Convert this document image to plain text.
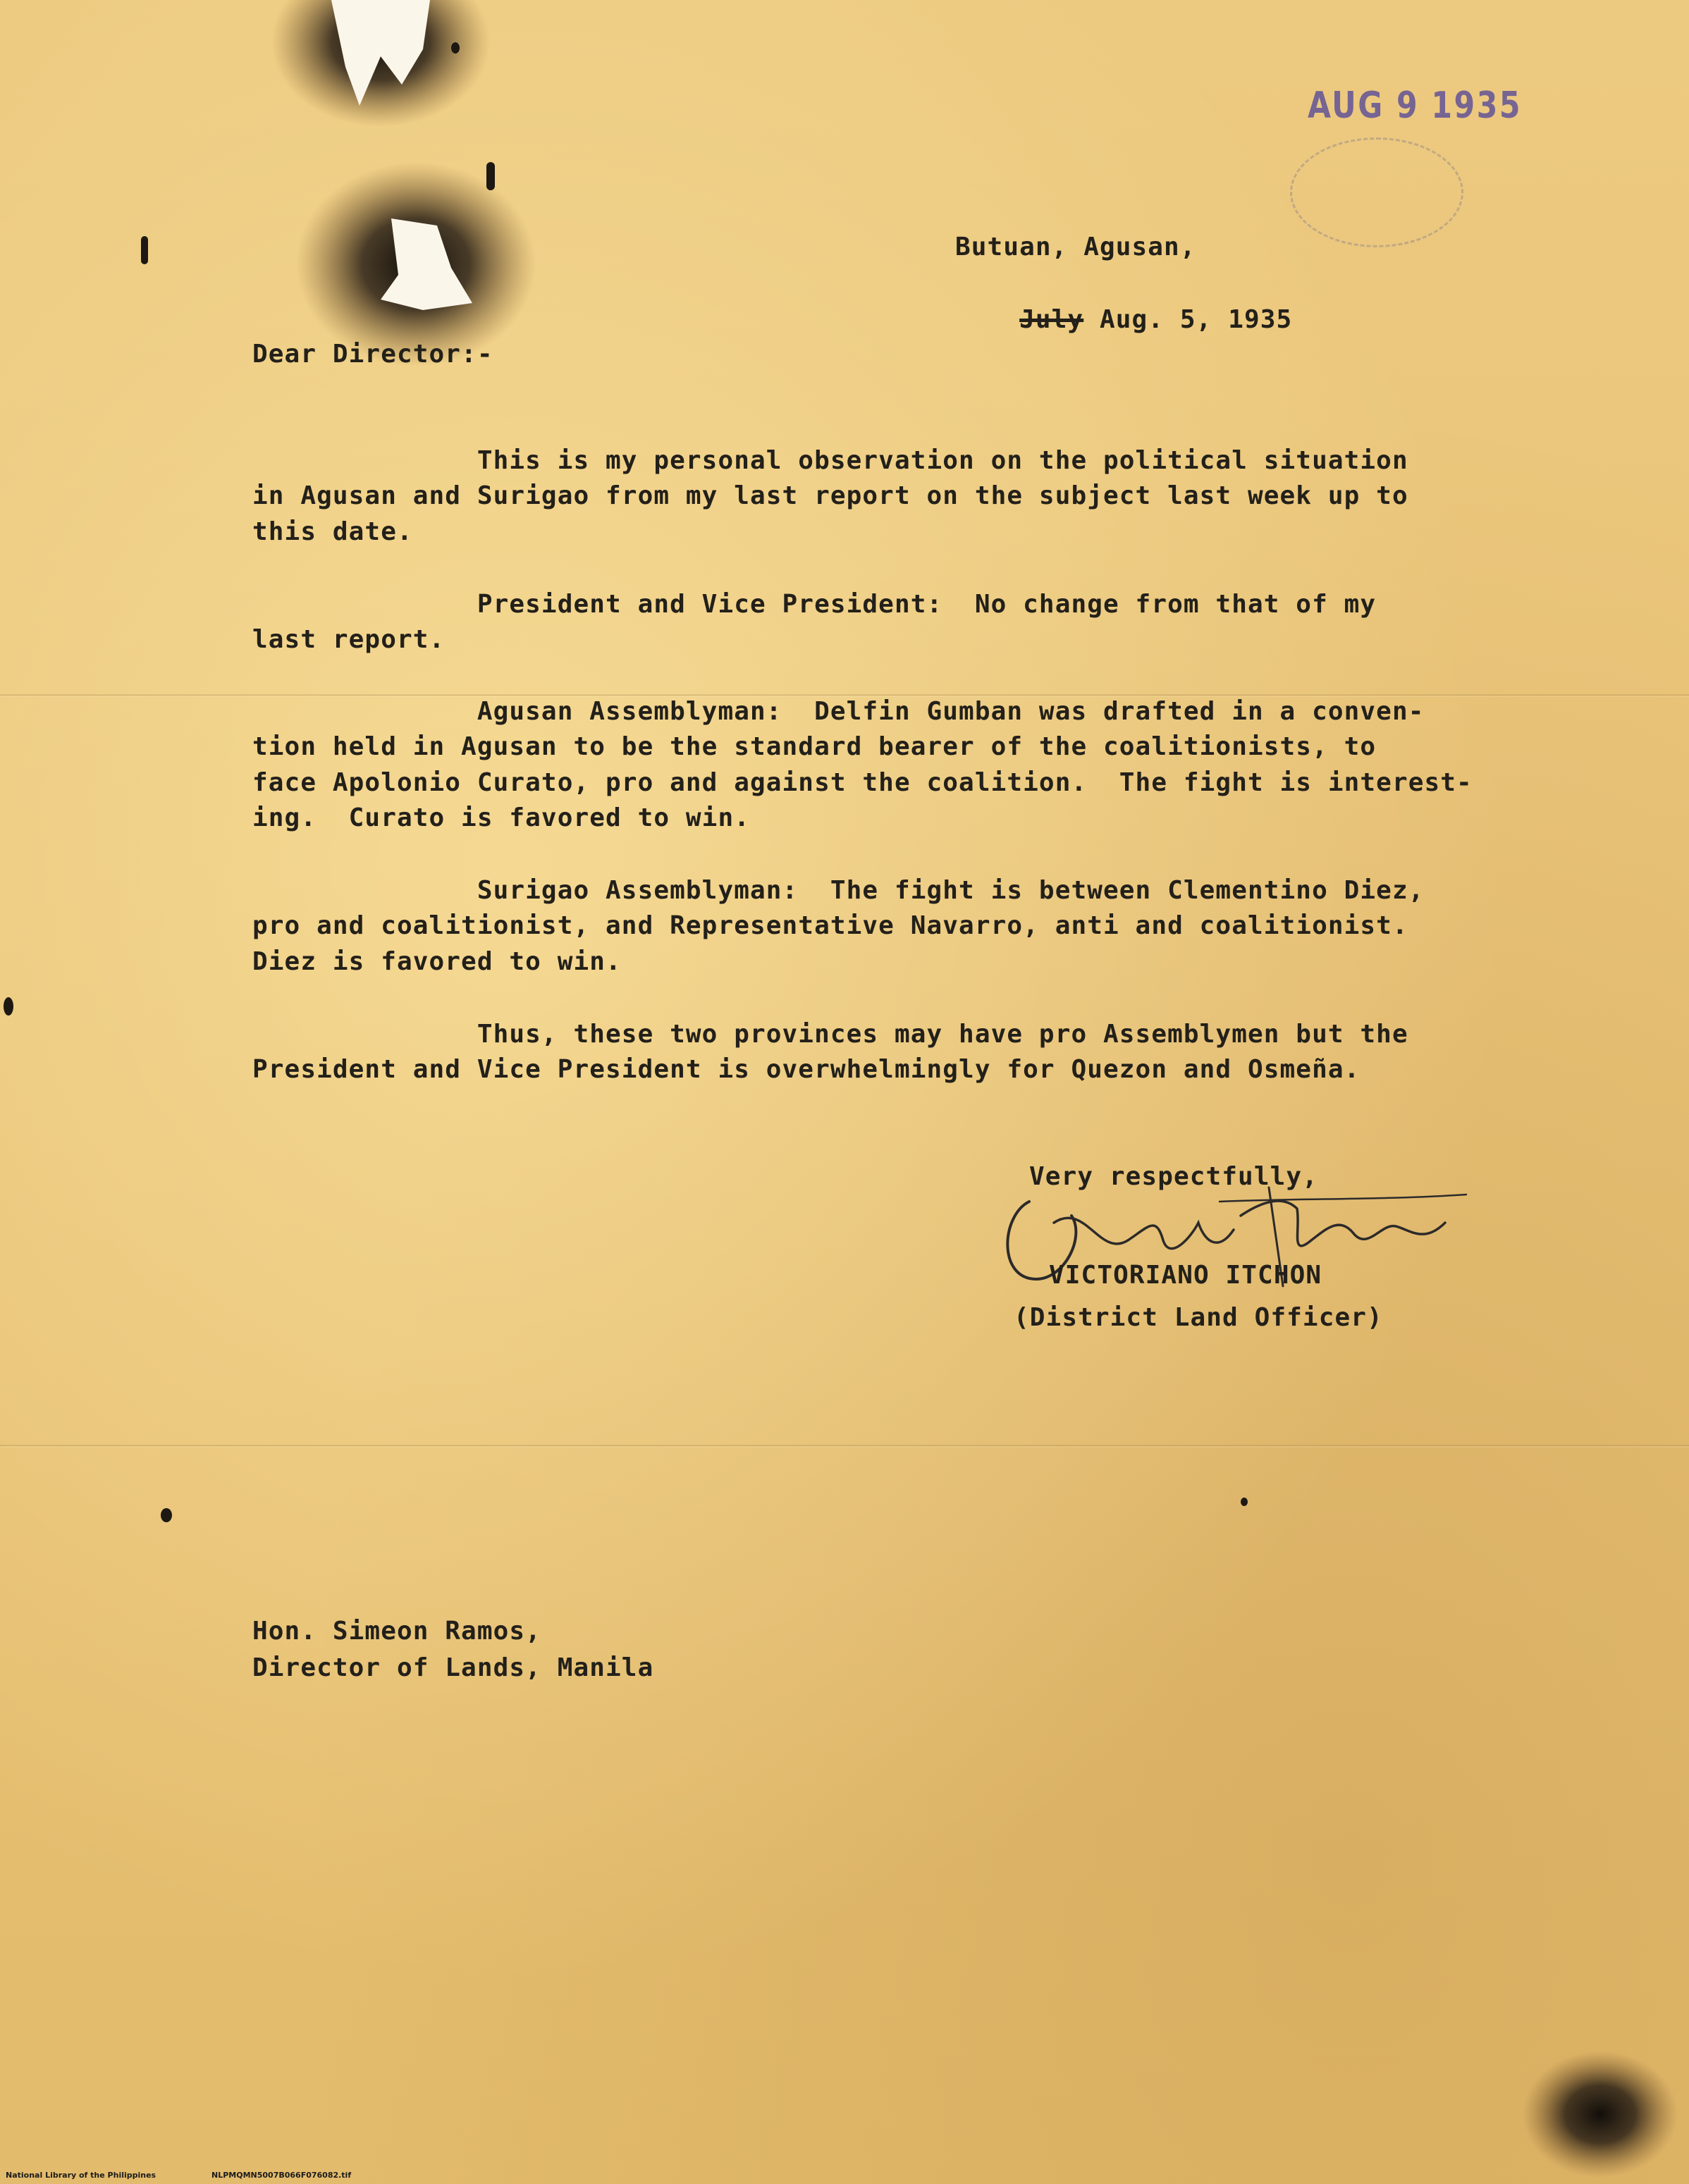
AUG 9 1935
Butuan, Agusan,

July Aug. 5, 1935

Dear Director:-

This is my personal observation on the political situation
in Agusan and Surigao from my last report on the subject last week up to
this date.

President and Vice President:  No change from that of my
last report.

Agusan Assemblyman:  Delfin Gumban was drafted in a conven-
tion held in Agusan to be the standard bearer of the coalitionists, to
face Apolonio Curato, pro and against the coalition.  The fight is interest-
ing.  Curato is favored to win.

Surigao Assemblyman:  The fight is between Clementino Diez,
pro and coalitionist, and Representative Navarro, anti and coalitionist.
Diez is favored to win.

Thus, these two provinces may have pro Assemblymen but the
President and Vice President is overwhelmingly for Quezon and Osmeña.
Very respectfully,
VICTORIANO ITCHON
(District Land Officer)
Hon. Simeon Ramos,
Director of Lands, Manila
National Library of the Philippines	NLPMQMN5007B066F076082.tif
